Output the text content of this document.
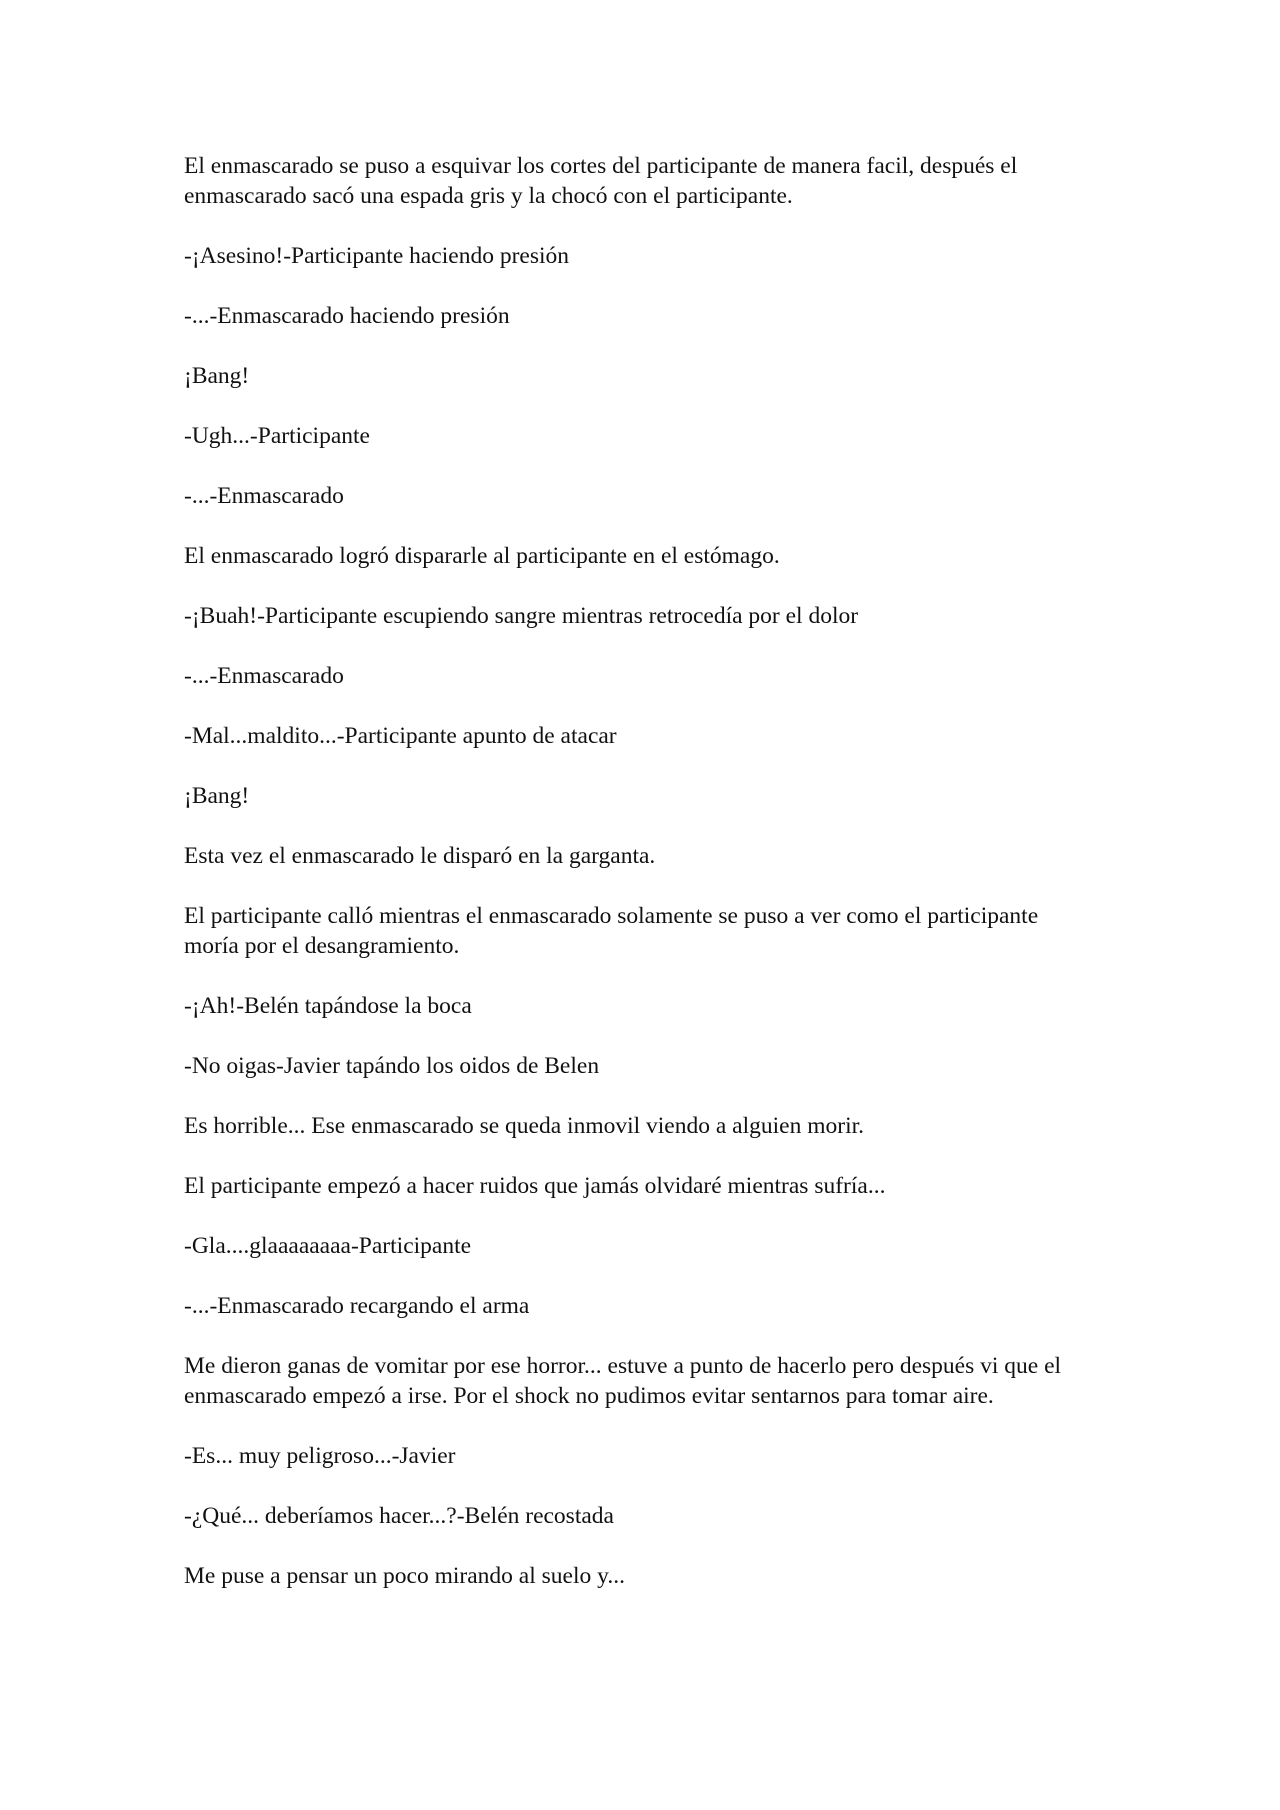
El enmascarado se puso a esquivar los cortes del participante de manera facil, después el enmascarado sacó una espada gris y la chocó con el participante.

-¡Asesino!-Participante haciendo presión

-...-Enmascarado haciendo presión

¡Bang!

-Ugh...-Participante

-...-Enmascarado

El enmascarado logró dispararle al participante en el estómago.

-¡Buah!-Participante escupiendo sangre mientras retrocedía por el dolor

-...-Enmascarado

-Mal...maldito...-Participante apunto de atacar

¡Bang!

Esta vez el enmascarado le disparó en la garganta.

El participante calló mientras el enmascarado solamente se puso a ver como el participante moría por el desangramiento.

-¡Ah!-Belén tapándose la boca

-No oigas-Javier tapándo los oidos de Belen

Es horrible... Ese enmascarado se queda inmovil viendo a alguien morir.

El participante empezó a hacer ruidos que jamás olvidaré mientras sufría...

-Gla....glaaaaaaaa-Participante

-...-Enmascarado recargando el arma

Me dieron ganas de vomitar por ese horror... estuve a punto de hacerlo pero después vi que el enmascarado empezó a irse. Por el shock no pudimos evitar sentarnos para tomar aire.

-Es... muy peligroso...-Javier

-¿Qué... deberíamos hacer...?-Belén recostada

Me puse a pensar un poco mirando al suelo y...
